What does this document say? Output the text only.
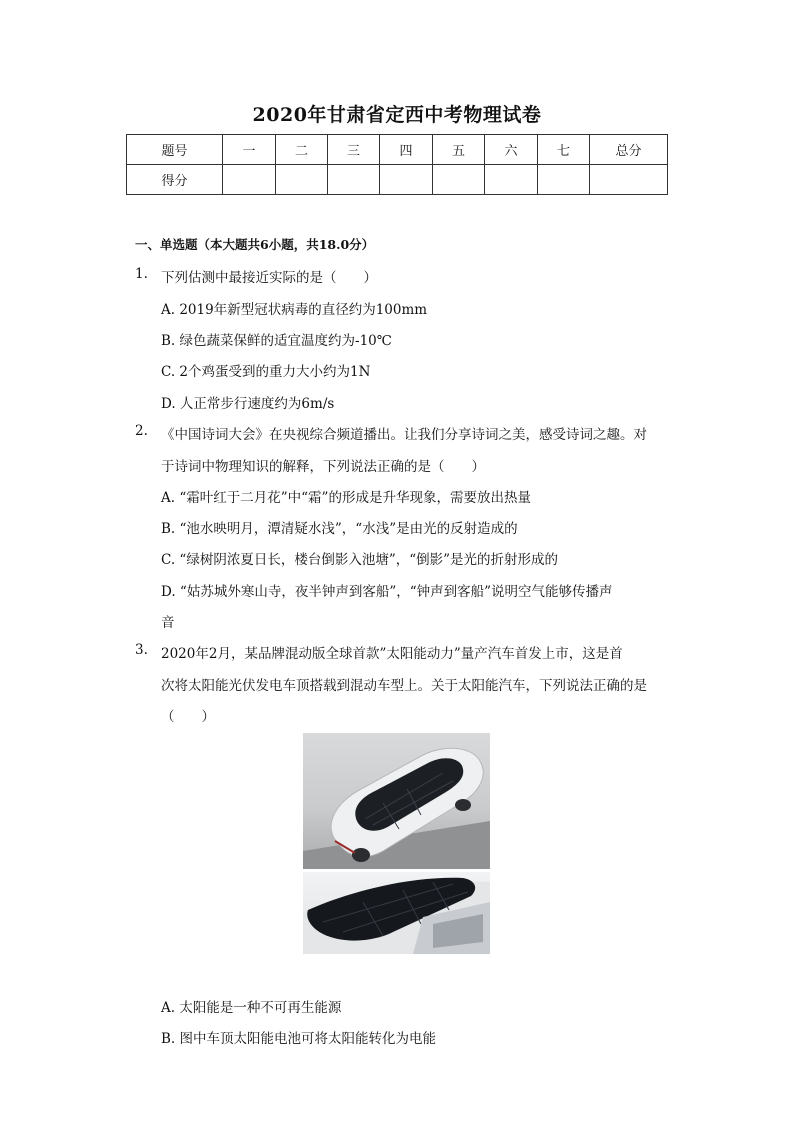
2020年甘肃省定西中考物理试卷
题号	一	二	三	四	五	六	七	总分
得分								
一、单选题（本大题共6小题，共18.0分）
1. 下列估测中最接近实际的是（　　）
A. 2019年新型冠状病毒的直径约为100mm
B. 绿色蔬菜保鲜的适宜温度约为-10℃
C. 2个鸡蛋受到的重力大小约为1N
D. 人正常步行速度约为6m/s
2. 《中国诗词大会》在央视综合频道播出。让我们分享诗词之美，感受诗词之趣。对
于诗词中物理知识的解释，下列说法正确的是（　　）
A. “霜叶红于二月花”中“霜”的形成是升华现象，需要放出热量
B. “池水映明月，潭清疑水浅”，“水浅”是由光的反射造成的
C. “绿树阴浓夏日长，楼台倒影入池塘”，“倒影”是光的折射形成的
D. “姑苏城外寒山寺，夜半钟声到客船”，“钟声到客船”说明空气能够传播声
音
3. 2020年2月，某品牌混动版全球首款”太阳能动力”量产汽车首发上市，这是首
次将太阳能光伏发电车顶搭载到混动车型上。关于太阳能汽车，下列说法正确的是
（　　）
A. 太阳能是一种不可再生能源
B. 图中车顶太阳能电池可将太阳能转化为电能
